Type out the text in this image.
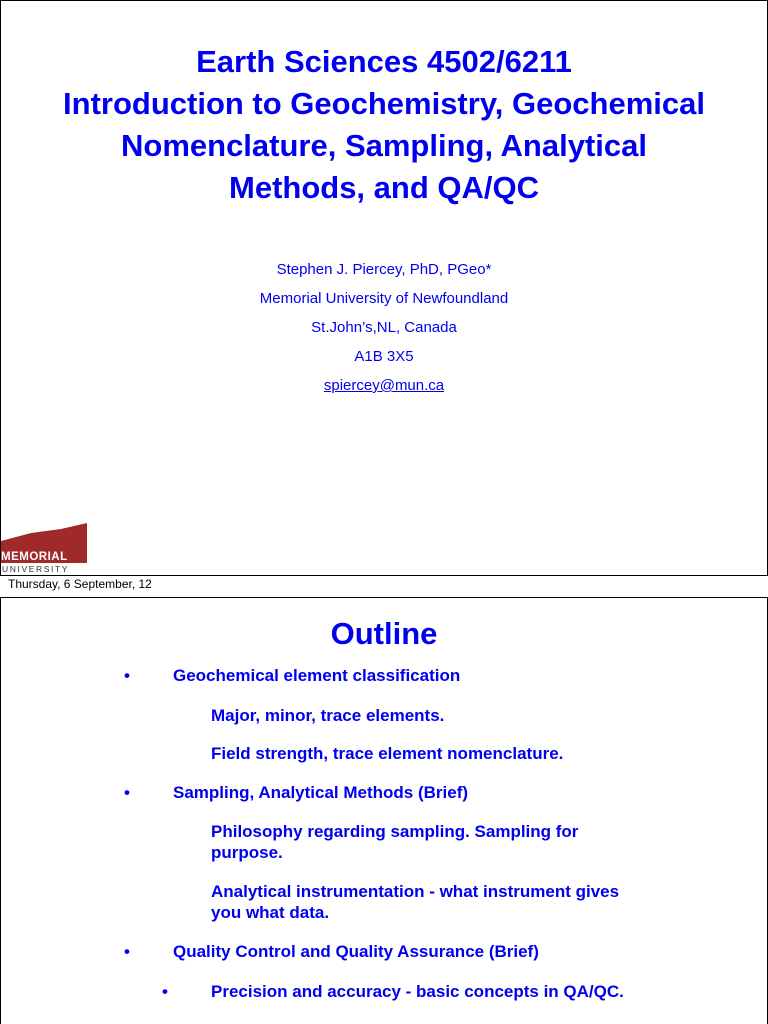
Earth Sciences 4502/6211
Introduction to Geochemistry, Geochemical
Nomenclature, Sampling, Analytical
Methods, and QA/QC
Stephen J. Piercey, PhD, PGeo*
Memorial University of Newfoundland
St.John’s,NL, Canada
A1B 3X5
spiercey@mun.ca
MEMORIAL
UNIVERSITY
Thursday, 6 September, 12
Outline
•	Geochemical element classification
Major, minor, trace elements.
Field strength, trace element nomenclature.
•	Sampling, Analytical Methods (Brief)
Philosophy regarding sampling. Sampling for
purpose.
Analytical instrumentation - what instrument gives
you what data.
•	Quality Control and Quality Assurance (Brief)
•	Precision and accuracy - basic concepts in QA/QC.
